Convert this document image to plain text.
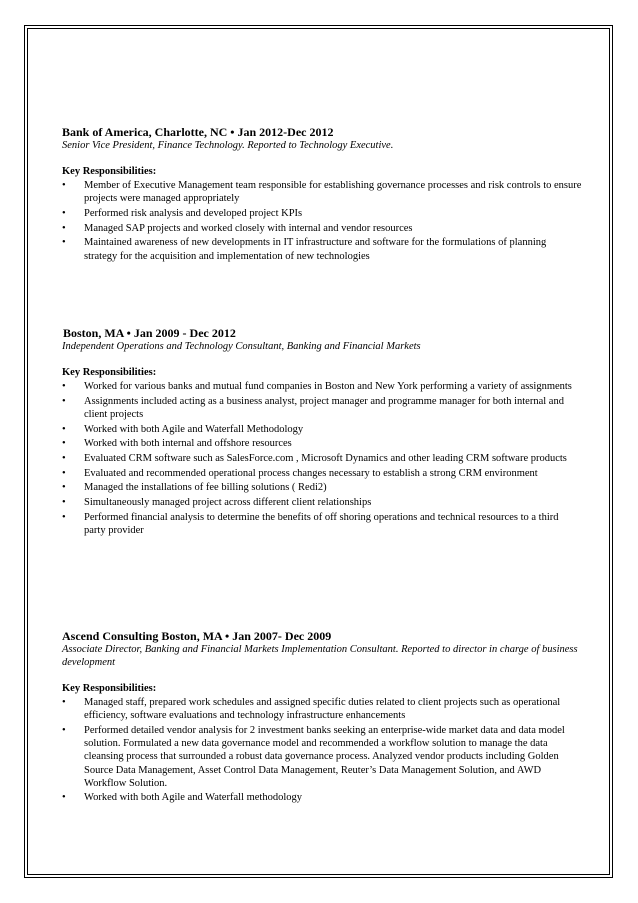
Bank of America, Charlotte, NC • Jan 2012-Dec 2012

Senior Vice President, Finance Technology. Reported to Technology Executive.

Key Responsibilities:

•	Member of Executive Management team responsible for establishing governance processes and risk controls to ensure projects were managed appropriately
•	Performed risk analysis and developed project KPIs
•	Managed SAP projects and worked closely with internal and vendor resources
•	Maintained awareness of new developments in IT infrastructure and software for the formulations of planning strategy for the acquisition and implementation of new technologies

Boston, MA • Jan 2009 - Dec 2012

Independent Operations and Technology Consultant, Banking and Financial Markets

Key Responsibilities:

•	Worked for various banks and mutual fund companies in Boston and New York performing a variety of assignments
•	Assignments included acting as a business analyst, project manager and programme manager for both internal and client projects
•	Worked with both Agile and Waterfall Methodology
•	Worked with both internal and offshore resources
•	Evaluated CRM software such as SalesForce.com , Microsoft Dynamics and other leading CRM software products
•	Evaluated and recommended operational process changes necessary to establish a strong CRM environment
•	Managed the installations of fee billing solutions ( Redi2)
•	Simultaneously managed project across different client relationships
•	Performed financial analysis to determine the benefits of off shoring operations and technical resources to a third party provider

Ascend Consulting Boston, MA • Jan 2007- Dec 2009

Associate Director, Banking and Financial Markets Implementation Consultant. Reported to director in charge of business development

Key Responsibilities:

•	Managed staff, prepared work schedules and assigned specific duties related to client projects such as operational efficiency, software evaluations and technology infrastructure enhancements
•	Performed detailed vendor analysis for 2 investment banks seeking an enterprise-wide market data and data model solution. Formulated a new data governance model and recommended a workflow solution to manage the data cleansing process that surrounded a robust data governance process. Analyzed vendor products including Golden Source Data Management, Asset Control Data Management, Reuter’s Data Management Solution, and AWD Workflow Solution.
•	Worked with both Agile and Waterfall methodology
